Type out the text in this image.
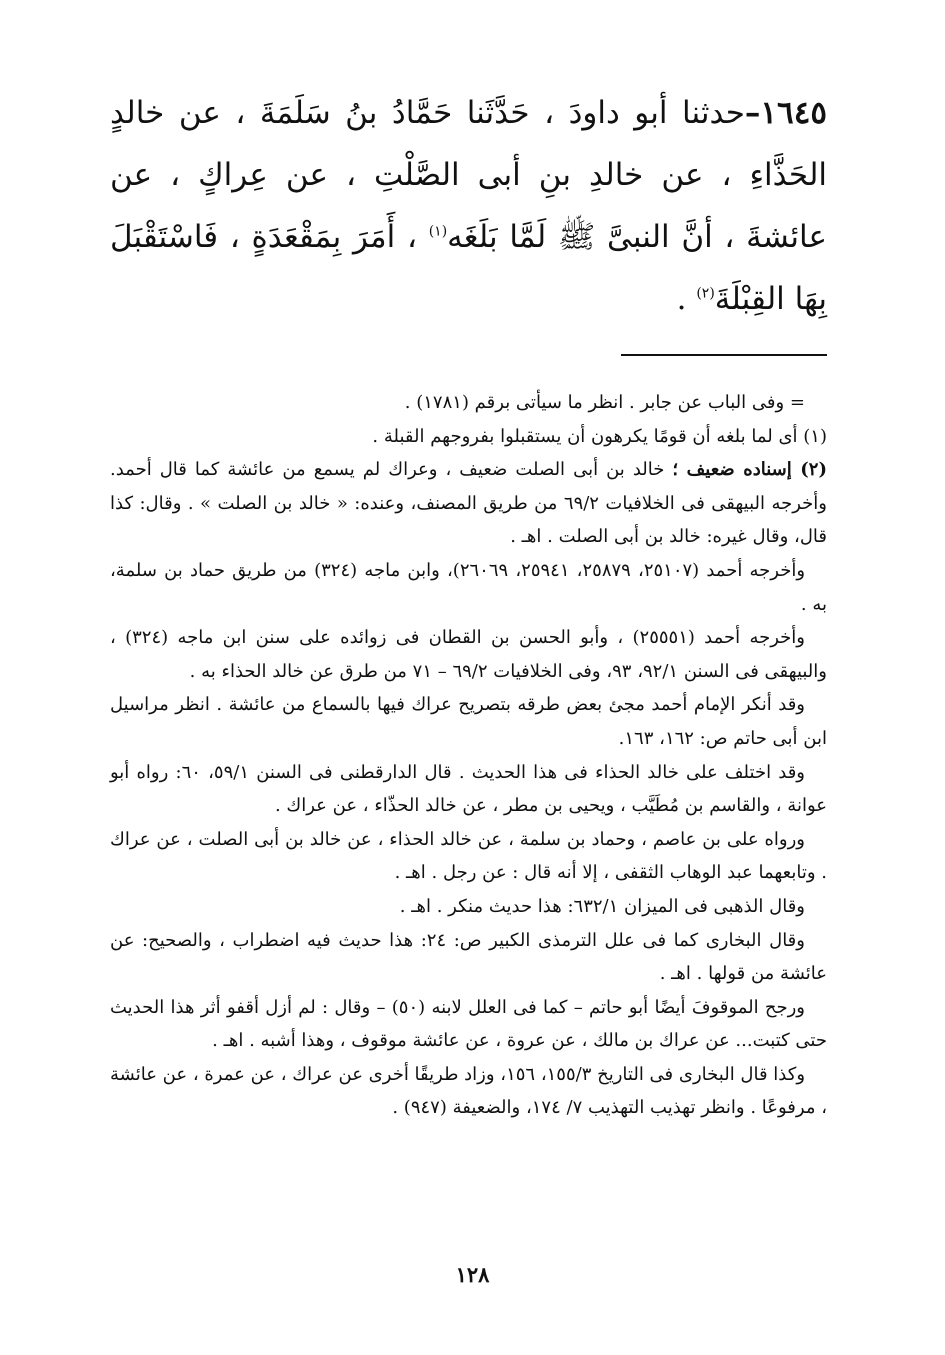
١٦٤٥–حدثنا أبو داودَ ، حَدَّثَنا حَمَّادُ بنُ سَلَمَةَ ، عن خالدٍ الحَذَّاءِ ، عن خالدِ بنِ أبى الصَّلْتِ ، عن عِراكٍ ، عن عائشةَ ، أنَّ النبىَّ ﷺ لَمَّا بَلَغَه$^{(١)}$ ، أَمَرَ بِمَقْعَدَةٍ ، فَاسْتَقْبَلَ بِهَا القِبْلَةَ$^{(٢)}$ .

= وفى الباب عن جابر . انظر ما سيأتى برقم (١٧٨١) .

(١) أى لما بلغه أن قومًا يكرهون أن يستقبلوا بفروجهم القبلة .

(٢) إسناده ضعيف ؛ خالد بن أبى الصلت ضعيف ، وعراك لم يسمع من عائشة كما قال أحمد. وأخرجه البيهقى فى الخلافيات ٦٩/٢ من طريق المصنف، وعنده: « خالد بن الصلت » . وقال: كذا قال، وقال غيره: خالد بن أبى الصلت . اهـ .

وأخرجه أحمد (٢٥١٠٧، ٢٥٨٧٩، ٢٥٩٤١، ٢٦٠٦٩)، وابن ماجه (٣٢٤) من طريق حماد بن سلمة، به .

وأخرجه أحمد (٢٥٥٥١) ، وأبو الحسن بن القطان فى زوائده على سنن ابن ماجه (٣٢٤) ، والبيهقى فى السنن ٩٢/١، ٩٣، وفى الخلافيات ٦٩/٢ – ٧١ من طرق عن خالد الحذاء به .

وقد أنكر الإمام أحمد مجئ بعض طرقه بتصريح عراك فيها بالسماع من عائشة . انظر مراسيل ابن أبى حاتم ص: ١٦٢، ١٦٣.

وقد اختلف على خالد الحذاء فى هذا الحديث . قال الدارقطنى فى السنن ٥٩/١، ٦٠: رواه أبو عوانة ، والقاسم بن مُطَيَّب ، ويحيى بن مطر ، عن خالد الحذّاء ، عن عراك .

ورواه على بن عاصم ، وحماد بن سلمة ، عن خالد الحذاء ، عن خالد بن أبى الصلت ، عن عراك . وتابعهما عبد الوهاب الثقفى ، إلا أنه قال : عن رجل . اهـ .

وقال الذهبى فى الميزان ٦٣٢/١: هذا حديث منكر . اهـ .

وقال البخارى كما فى علل الترمذى الكبير ص: ٢٤: هذا حديث فيه اضطراب ، والصحيح: عن عائشة من قولها . اهـ .

ورجح الموقوفَ أيضًا أبو حاتم – كما فى العلل لابنه (٥٠) – وقال : لم أزل أقفو أثر هذا الحديث حتى كتبت... عن عراك بن مالك ، عن عروة ، عن عائشة موقوف ، وهذا أشبه . اهـ .

وكذا قال البخارى فى التاريخ ١٥٥/٣، ١٥٦، وزاد طريقًا أخرى عن عراك ، عن عمرة ، عن عائشة ، مرفوعًا . وانظر تهذيب التهذيب ٧/ ١٧٤، والضعيفة (٩٤٧) .

١٢٨
